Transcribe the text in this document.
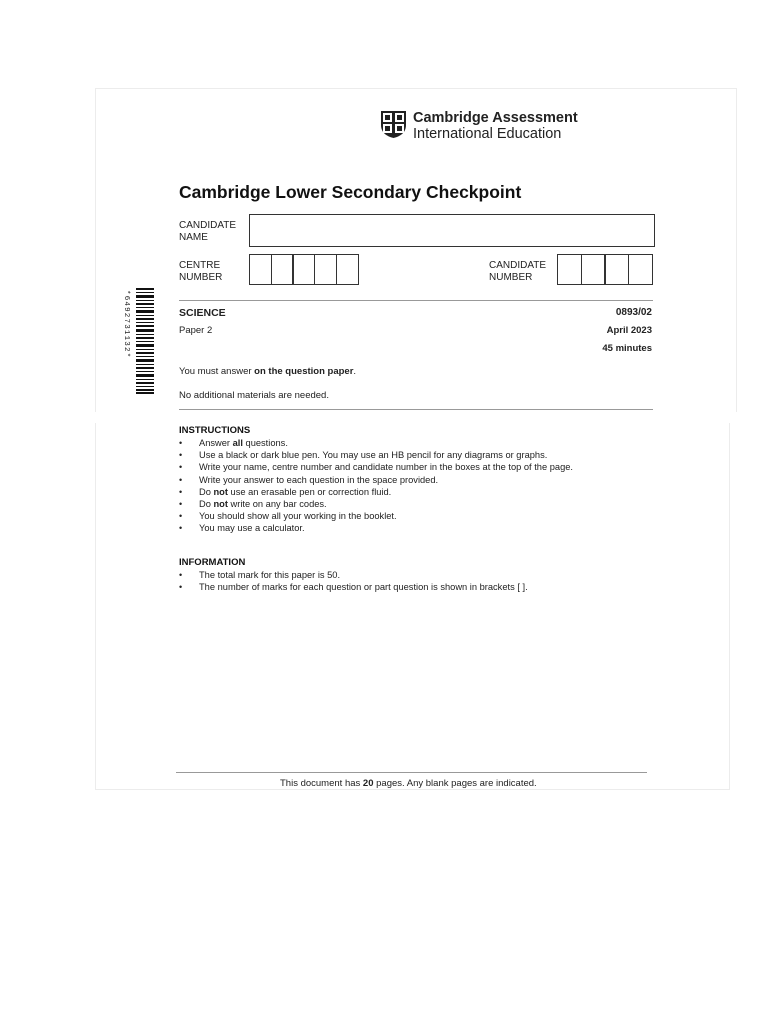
Cambridge Assessment
International Education
Cambridge Lower Secondary Checkpoint
CANDIDATE
NAME
CENTRE
NUMBER
CANDIDATE
NUMBER
*6492731132*	SCIENCE
Paper 2
0893/02
April 2023
45 minutes
You must answer on the question paper.
No additional materials are needed.
INSTRUCTIONS
• Answer all questions.
• Use a black or dark blue pen. You may use an HB pencil for any diagrams or graphs.
• Write your name, centre number and candidate number in the boxes at the top of the page.
• Write your answer to each question in the space provided.
• Do not use an erasable pen or correction fluid.
• Do not write on any bar codes.
• You should show all your working in the booklet.
• You may use a calculator.
INFORMATION
• The total mark for this paper is 50.
• The number of marks for each question or part question is shown in brackets [ ].
This document has 20 pages. Any blank pages are indicated.
